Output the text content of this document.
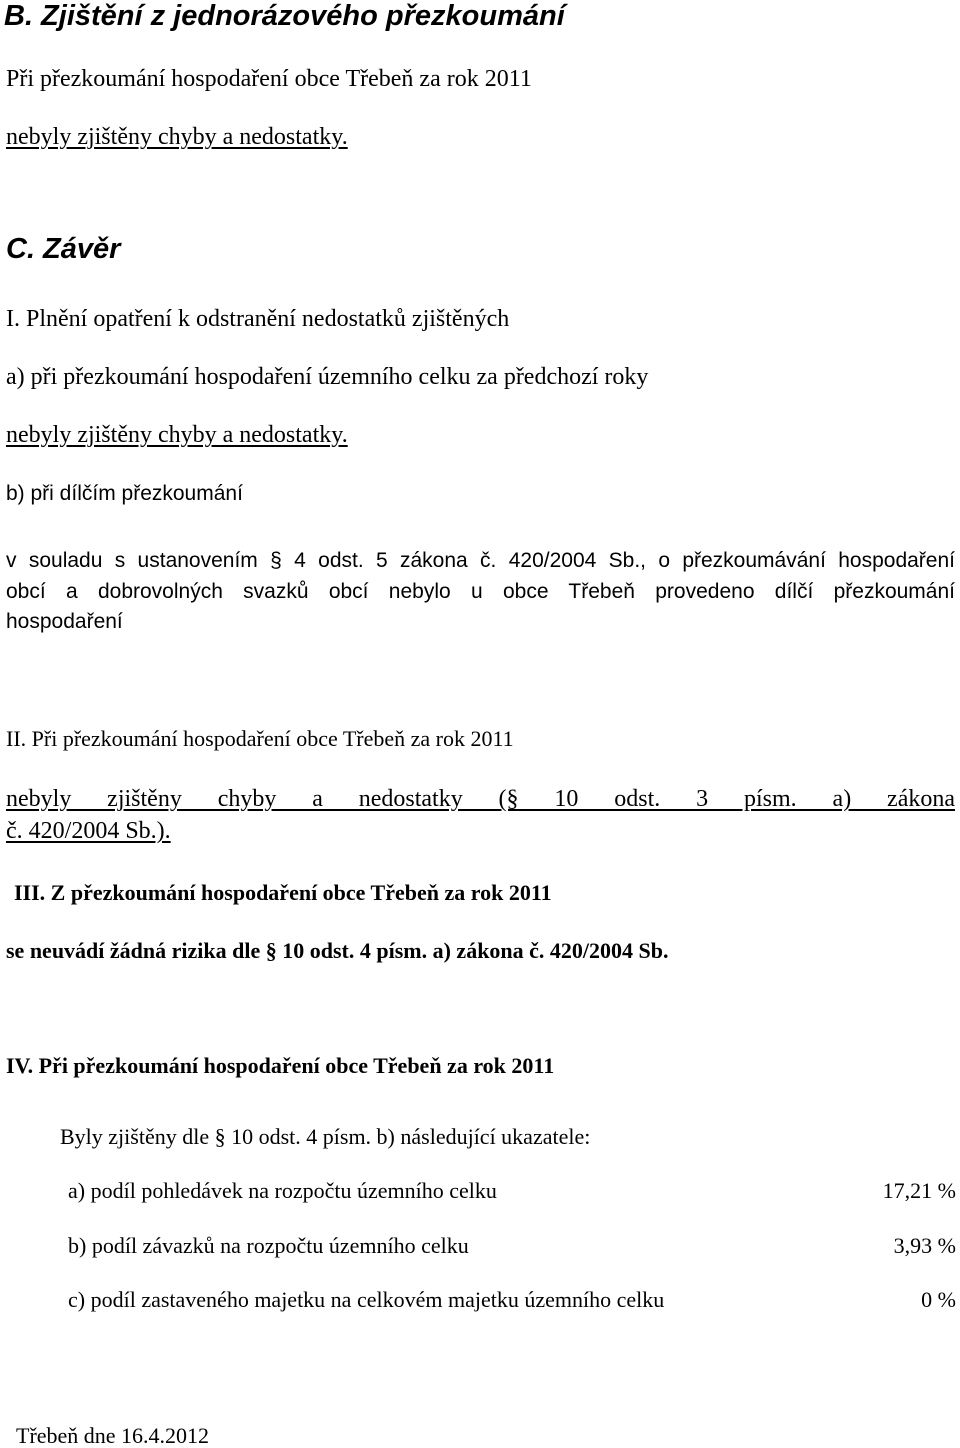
B. Zjištění z jednorázového přezkoumání
Při přezkoumání hospodaření obce Třebeň za rok 2011
nebyly zjištěny chyby a nedostatky.
C. Závěr
I. Plnění opatření k odstranění nedostatků zjištěných
a) při přezkoumání hospodaření územního celku za předchozí roky
nebyly zjištěny chyby a nedostatky.
b) při dílčím přezkoumání
v souladu s ustanovením § 4 odst. 5 zákona č. 420/2004 Sb., o přezkoumávání hospodaření
obcí a dobrovolných svazků obcí nebylo u obce Třebeň provedeno dílčí přezkoumání
hospodaření
II. Při přezkoumání hospodaření obce Třebeň za rok 2011
nebyly zjištěny chyby a nedostatky (§ 10 odst. 3 písm. a) zákona
č. 420/2004 Sb.).
III. Z přezkoumání hospodaření obce Třebeň za rok 2011
se neuvádí žádná rizika dle § 10 odst. 4 písm. a) zákona č. 420/2004 Sb.
IV. Při přezkoumání hospodaření obce Třebeň za rok 2011
Byly zjištěny dle § 10 odst. 4 písm. b) následující ukazatele:
a) podíl pohledávek na rozpočtu územního celku	17,21 %
b) podíl závazků na rozpočtu územního celku	3,93 %
c) podíl zastaveného majetku na celkovém majetku územního celku	0 %
Třebeň dne 16.4.2012
